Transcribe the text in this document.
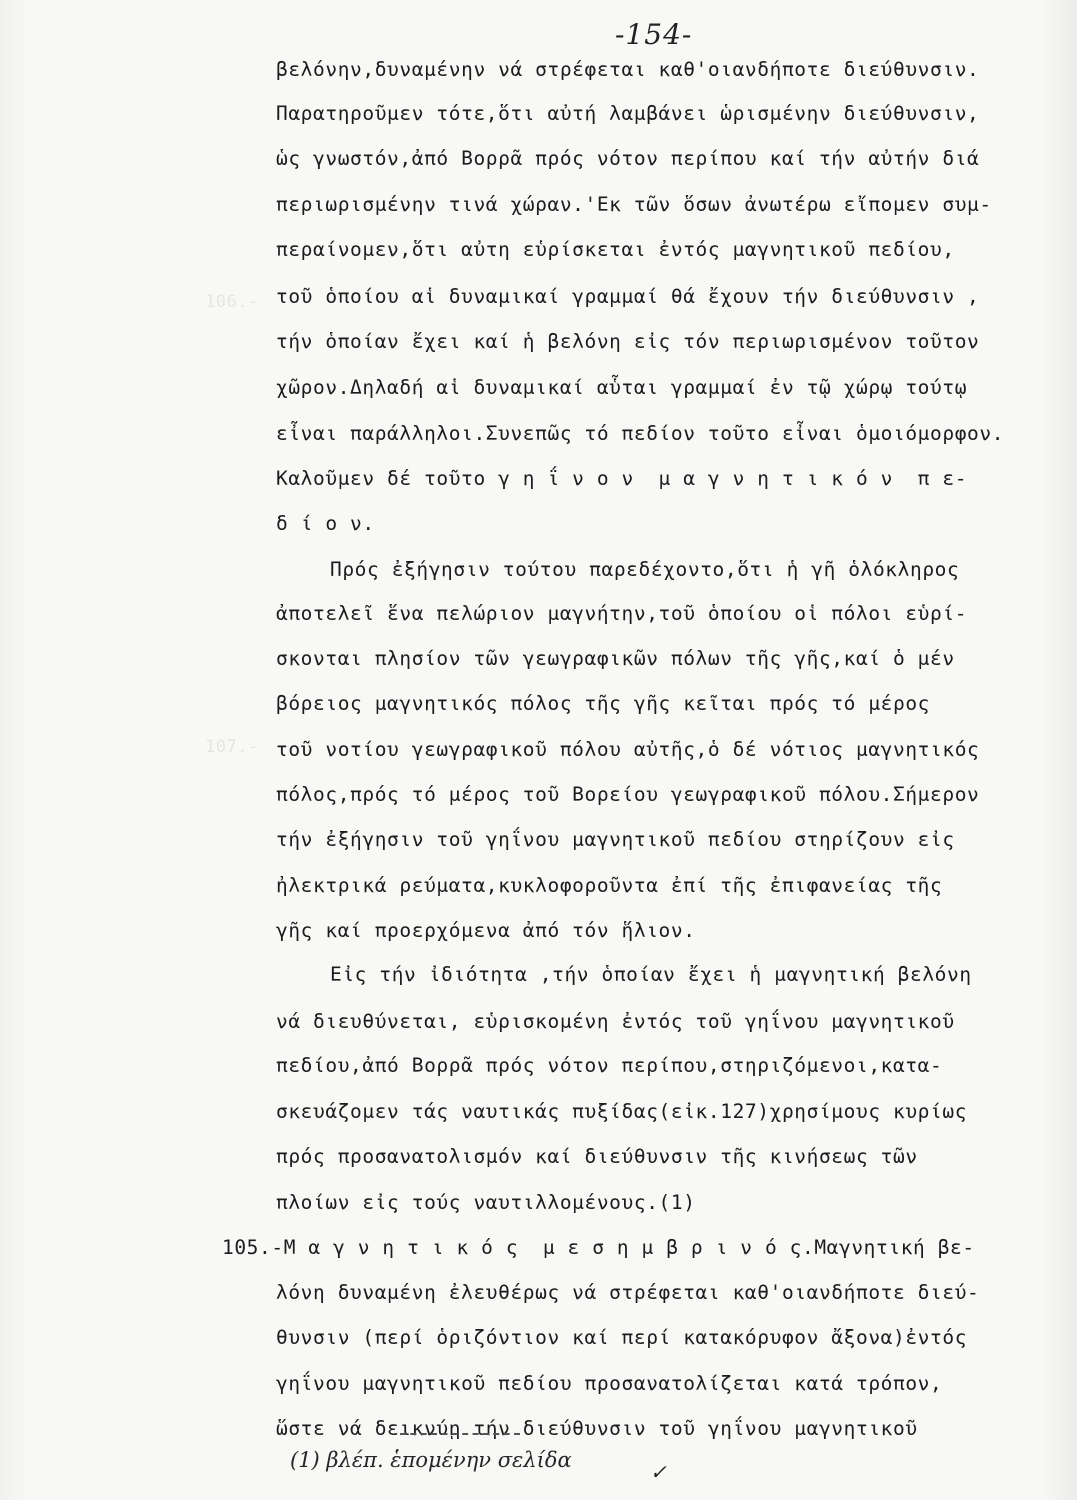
106.-
107.-
-154-
βελόνην,δυναμένην νά στρέφεται καθ'οιανδήποτε διεύθυνσιν.
Παρατηροῦμεν τότε,ὅτι αὐτή λαμβάνει ὡρισμένην διεύθυνσιν,
ὡς γνωστόν,ἀπό Βορρᾶ πρός νότον περίπου καί τήν αὐτήν διά
περιωρισμένην τινά χώραν.'Εκ τῶν ὅσων ἀνωτέρω εἴπομεν συμ-
περαίνομεν,ὅτι αὐτη εὑρίσκεται ἐντός μαγνητικοῦ πεδίου,
τοῦ ὁποίου αἱ δυναμικαί γραμμαί θά ἔχουν τήν διεύθυνσιν ,
τήν ὁποίαν ἔχει καί ἡ βελόνη εἰς τόν περιωρισμένον τοῦτον
χῶρον.Δηλαδή αἱ δυναμικαί αὗται γραμμαί ἐν τῷ χώρῳ τούτῳ
εἶναι παράλληλοι.Συνεπῶς τό πεδίον τοῦτο εἶναι ὁμοιόμορφον.
Καλοῦμεν δέ τοῦτο γ η ΐ ν ο ν  μ α γ ν η τ ι κ ό ν  π ε-
δ ί ο ν.
Πρός ἐξήγησιν τούτου παρεδέχοντο,ὅτι ἡ γῆ ὁλόκληρος
ἀποτελεῖ ἕνα πελώριον μαγνήτην,τοῦ ὁποίου οἱ πόλοι εὑρί-
σκονται πλησίον τῶν γεωγραφικῶν πόλων τῆς γῆς,καί ὁ μέν
βόρειος μαγνητικός πόλος τῆς γῆς κεῖται πρός τό μέρος
τοῦ νοτίου γεωγραφικοῦ πόλου αὐτῆς,ὁ δέ νότιος μαγνητικός
πόλος,πρός τό μέρος τοῦ Βορείου γεωγραφικοῦ πόλου.Σήμερον
τήν ἐξήγησιν τοῦ γηΐνου μαγνητικοῦ πεδίου στηρίζουν εἰς
ἠλεκτρικά ρεύματα,κυκλοφοροῦντα ἐπί τῆς ἐπιφανείας τῆς
γῆς καί προερχόμενα ἀπό τόν ἥλιον.
Εἰς τήν ἰδιότητα ,τήν ὁποίαν ἔχει ἡ μαγνητική βελόνη
νά διευθύνεται, εὑρισκομένη ἐντός τοῦ γηΐνου μαγνητικοῦ
πεδίου,ἀπό Βορρᾶ πρός νότον περίπου,στηριζόμενοι,κατα-
σκευάζομεν τάς ναυτικάς πυξίδας(εἰκ.127)χρησίμους κυρίως
πρός προσανατολισμόν καί διεύθυνσιν τῆς κινήσεως τῶν
πλοίων εἰς τούς ναυτιλλομένους.(1)
105.-Μ α γ ν η τ ι κ ό ς  μ ε σ η μ β ρ ι ν ό ς.Μαγνητική βε-
λόνη δυναμένη ἐλευθέρως νά στρέφεται καθ'οιανδήποτε διεύ-
θυνσιν (περί ὁριζόντιον καί περί κατακόρυφον ἄξονα)ἐντός
γηΐνου μαγνητικοῦ πεδίου προσανατολίζεται κατά τρόπον,
ὥστε νά δεικνύῃ τήν διεύθυνσιν τοῦ γηΐνου μαγνητικοῦ
(1) βλέπ. ἑπομένην σελίδα	✓
